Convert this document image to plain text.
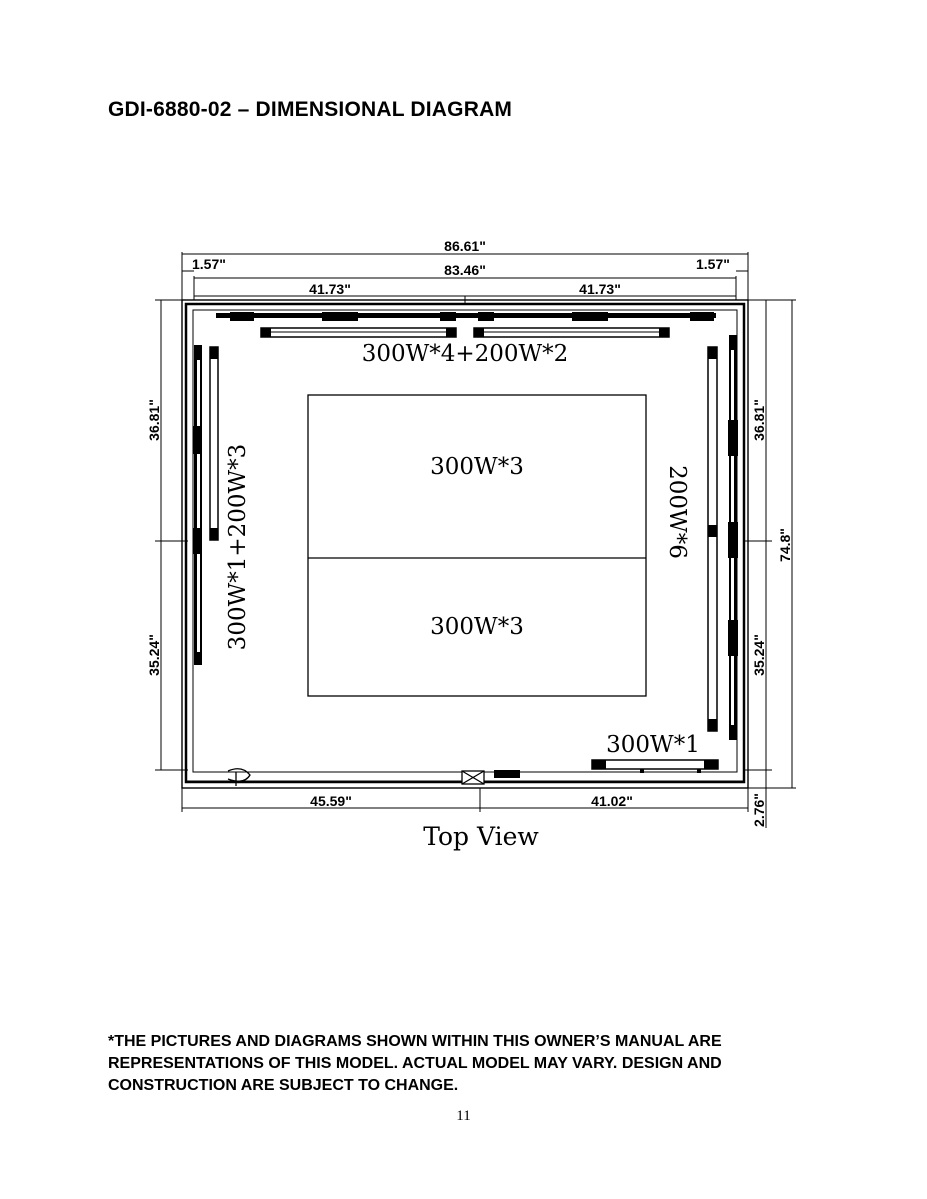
GDI-6880-02 – DIMENSIONAL DIAGRAM
86.61"
1.57"	1.57"
83.46"
41.73"	41.73"
36.81"
35.24"
36.81"
35.24"
74.8"
2.76"
45.59"	41.02"
300W*4+200W*2
300W*1+200W*3	200W*6
300W*3
300W*3
300W*1
Top View
*THE PICTURES AND DIAGRAMS SHOWN WITHIN THIS OWNER’S MANUAL ARE REPRESENTATIONS OF THIS MODEL. ACTUAL MODEL MAY VARY. DESIGN AND CONSTRUCTION ARE SUBJECT TO CHANGE.
11
